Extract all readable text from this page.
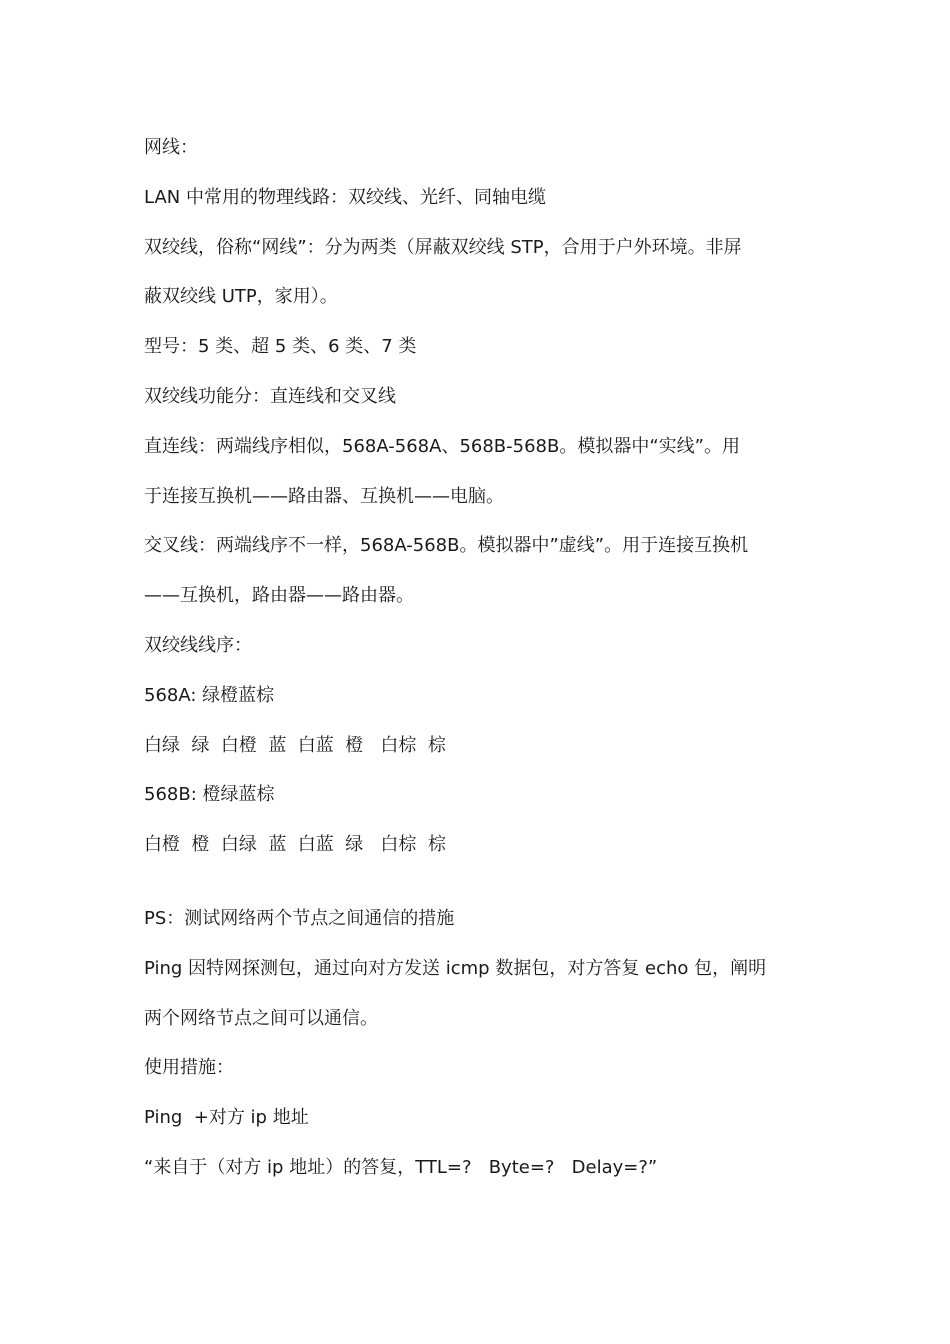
网线：
LAN 中常用的物理线路：双绞线、光纤、同轴电缆
双绞线，俗称“网线”：分为两类（屏蔽双绞线 STP，合用于户外环境。非屏
蔽双绞线 UTP，家用）。
型号：5 类、超 5 类、6 类、7 类
双绞线功能分：直连线和交叉线
直连线：两端线序相似，568A-568A、568B-568B。模拟器中“实线”。用
于连接互换机——路由器、互换机——电脑。
交叉线：两端线序不一样，568A-568B。模拟器中”虚线”。用于连接互换机
——互换机，路由器——路由器。
双绞线线序：
568A: 绿橙蓝棕
白绿  绿  白橙  蓝  白蓝  橙   白棕  棕
568B: 橙绿蓝棕
白橙  橙  白绿  蓝  白蓝  绿   白棕  棕
PS：测试网络两个节点之间通信的措施
Ping 因特网探测包，通过向对方发送 icmp 数据包，对方答复 echo 包，阐明
两个网络节点之间可以通信。
使用措施：
Ping  +对方 ip 地址
“来自于（对方 ip 地址）的答复，TTL=?   Byte=?   Delay=?”
